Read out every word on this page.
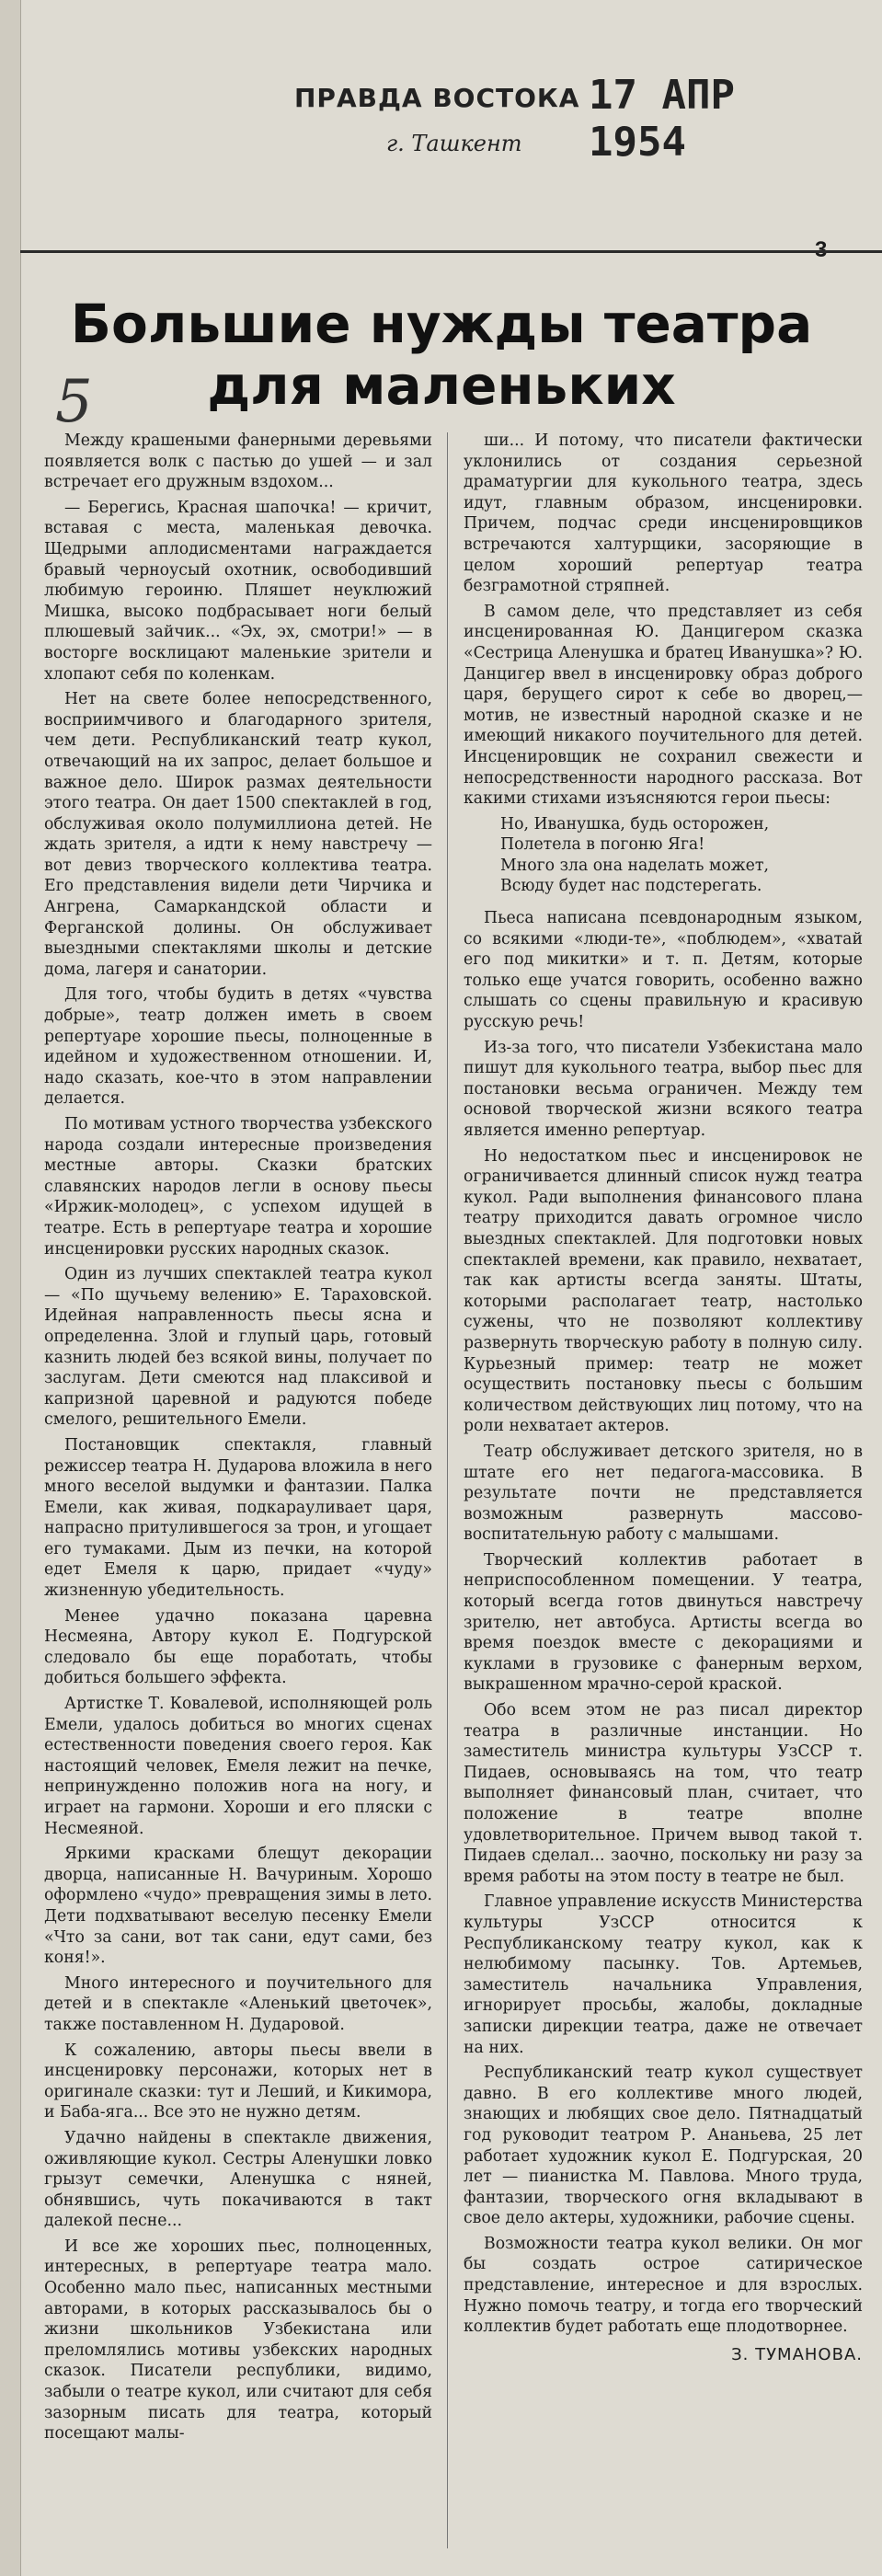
ПРАВДА ВОСТОКА 17 АПР 1954
г. Ташкент
3
Большие нужды театра
для маленьких
5

Между крашеными фанерными деревьями появляется волк с пастью до ушей — и зал встречает его дружным вздохом...

— Берегись, Красная шапочка! — кричит, вставая с места, маленькая девочка. Щедрыми аплодисментами награждается бравый черноусый охотник, освободивший любимую героиню. Пляшет неуклюжий Мишка, высоко подбрасывает ноги белый плюшевый зайчик... «Эх, эх, смотри!» — в восторге восклицают маленькие зрители и хлопают себя по коленкам.

Нет на свете более непосредственного, восприимчивого и благодарного зрителя, чем дети. Республиканский театр кукол, отвечающий на их запрос, делает большое и важное дело. Широк размах деятельности этого театра. Он дает 1500 спектаклей в год, обслуживая около полумиллиона детей. Не ждать зрителя, а идти к нему навстречу — вот девиз творческого коллектива театра. Его представления видели дети Чирчика и Ангрена, Самаркандской области и Ферганской долины. Он обслуживает выездными спектаклями школы и детские дома, лагеря и санатории.

Для того, чтобы будить в детях «чувства добрые», театр должен иметь в своем репертуаре хорошие пьесы, полноценные в идейном и художественном отношении. И, надо сказать, кое-что в этом направлении делается.

По мотивам устного творчества узбекского народа создали интересные произведения местные авторы. Сказки братских славянских народов легли в основу пьесы «Иржик-молодец», с успехом идущей в театре. Есть в репертуаре театра и хорошие инсценировки русских народных сказок.

Один из лучших спектаклей театра кукол — «По щучьему велению» Е. Тараховской. Идейная направленность пьесы ясна и определенна. Злой и глупый царь, готовый казнить людей без всякой вины, получает по заслугам. Дети смеются над плаксивой и капризной царевной и радуются победе смелого, решительного Емели.

Постановщик спектакля, главный режиссер театра Н. Дударова вложила в него много веселой выдумки и фантазии. Палка Емели, как живая, подкарауливает царя, напрасно притулившегося за трон, и угощает его тумаками. Дым из печки, на которой едет Емеля к царю, придает «чуду» жизненную убедительность.

Менее удачно показана царевна Несмеяна, Автору кукол Е. Подгурской следовало бы еще поработать, чтобы добиться большего эффекта.

Артистке Т. Ковалевой, исполняющей роль Емели, удалось добиться во многих сценах естественности поведения своего героя. Как настоящий человек, Емеля лежит на печке, непринужденно положив нога на ногу, и играет на гармони. Хороши и его пляски с Несмеяной.

Яркими красками блещут декорации дворца, написанные Н. Вачуриным. Хорошо оформлено «чудо» превращения зимы в лето. Дети подхватывают веселую песенку Емели «Что за сани, вот так сани, едут сами, без коня!».

Много интересного и поучительного для детей и в спектакле «Аленький цветочек», также поставленном Н. Дударовой.

К сожалению, авторы пьесы ввели в инсценировку персонажи, которых нет в оригинале сказки: тут и Леший, и Кикимора, и Баба-яга... Все это не нужно детям.

Удачно найдены в спектакле движения, оживляющие кукол. Сестры Аленушки ловко грызут семечки, Аленушка с няней, обнявшись, чуть покачиваются в такт далекой песне...

И все же хороших пьес, полноценных, интересных, в репертуаре театра мало. Особенно мало пьес, написанных местными авторами, в которых рассказывалось бы о жизни школьников Узбекистана или преломлялись мотивы узбекских народных сказок. Писатели республики, видимо, забыли о театре кукол, или считают для себя зазорным писать для театра, который посещают малы-

ши... И потому, что писатели фактически уклонились от создания серьезной драматургии для кукольного театра, здесь идут, главным образом, инсценировки. Причем, подчас среди инсценировщиков встречаются халтурщики, засоряющие в целом хороший репертуар театра безграмотной стряпней.

В самом деле, что представляет из себя инсценированная Ю. Данцигером сказка «Сестрица Аленушка и братец Иванушка»? Ю. Данцигер ввел в инсценировку образ доброго царя, берущего сирот к себе во дворец,—мотив, не известный народной сказке и не имеющий никакого поучительного для детей. Инсценировщик не сохранил свежести и непосредственности народного рассказа. Вот какими стихами изъясняются герои пьесы:

Но, Иванушка, будь осторожен,
Полетела в погоню Яга!
Много зла она наделать может,
Всюду будет нас подстерегать.

Пьеса написана псевдонародным языком, со всякими «люди-те», «поблюдем», «хватай его под микитки» и т. п. Детям, которые только еще учатся говорить, особенно важно слышать со сцены правильную и красивую русскую речь!

Из-за того, что писатели Узбекистана мало пишут для кукольного театра, выбор пьес для постановки весьма ограничен. Между тем основой творческой жизни всякого театра является именно репертуар.

Но недостатком пьес и инсценировок не ограничивается длинный список нужд театра кукол. Ради выполнения финансового плана театру приходится давать огромное число выездных спектаклей. Для подготовки новых спектаклей времени, как правило, нехватает, так как артисты всегда заняты. Штаты, которыми располагает театр, настолько сужены, что не позволяют коллективу развернуть творческую работу в полную силу. Курьезный пример: театр не может осуществить постановку пьесы с большим количеством действующих лиц потому, что на роли нехватает актеров.

Театр обслуживает детского зрителя, но в штате его нет педагога-массовика. В результате почти не представляется возможным развернуть массово-воспитательную работу с малышами.

Творческий коллектив работает в неприспособленном помещении. У театра, который всегда готов двинуться навстречу зрителю, нет автобуса. Артисты всегда во время поездок вместе с декорациями и куклами в грузовике с фанерным верхом, выкрашенном мрачно-серой краской.

Обо всем этом не раз писал директор театра в различные инстанции. Но заместитель министра культуры УзССР т. Пидаев, основываясь на том, что театр выполняет финансовый план, считает, что положение в театре вполне удовлетворительное. Причем вывод такой т. Пидаев сделал... заочно, поскольку ни разу за время работы на этом посту в театре не был.

Главное управление искусств Министерства культуры УзССР относится к Республиканскому театру кукол, как к нелюбимому пасынку. Тов. Артемьев, заместитель начальника Управления, игнорирует просьбы, жалобы, докладные записки дирекции театра, даже не отвечает на них.

Республиканский театр кукол существует давно. В его коллективе много людей, знающих и любящих свое дело. Пятнадцатый год руководит театром Р. Ананьева, 25 лет работает художник кукол Е. Подгурская, 20 лет — пианистка М. Павлова. Много труда, фантазии, творческого огня вкладывают в свое дело актеры, художники, рабочие сцены.

Возможности театра кукол велики. Он мог бы создать острое сатирическое представление, интересное и для взрослых. Нужно помочь театру, и тогда его творческий коллектив будет работать еще плодотворнее.

З. ТУМАНОВА.
